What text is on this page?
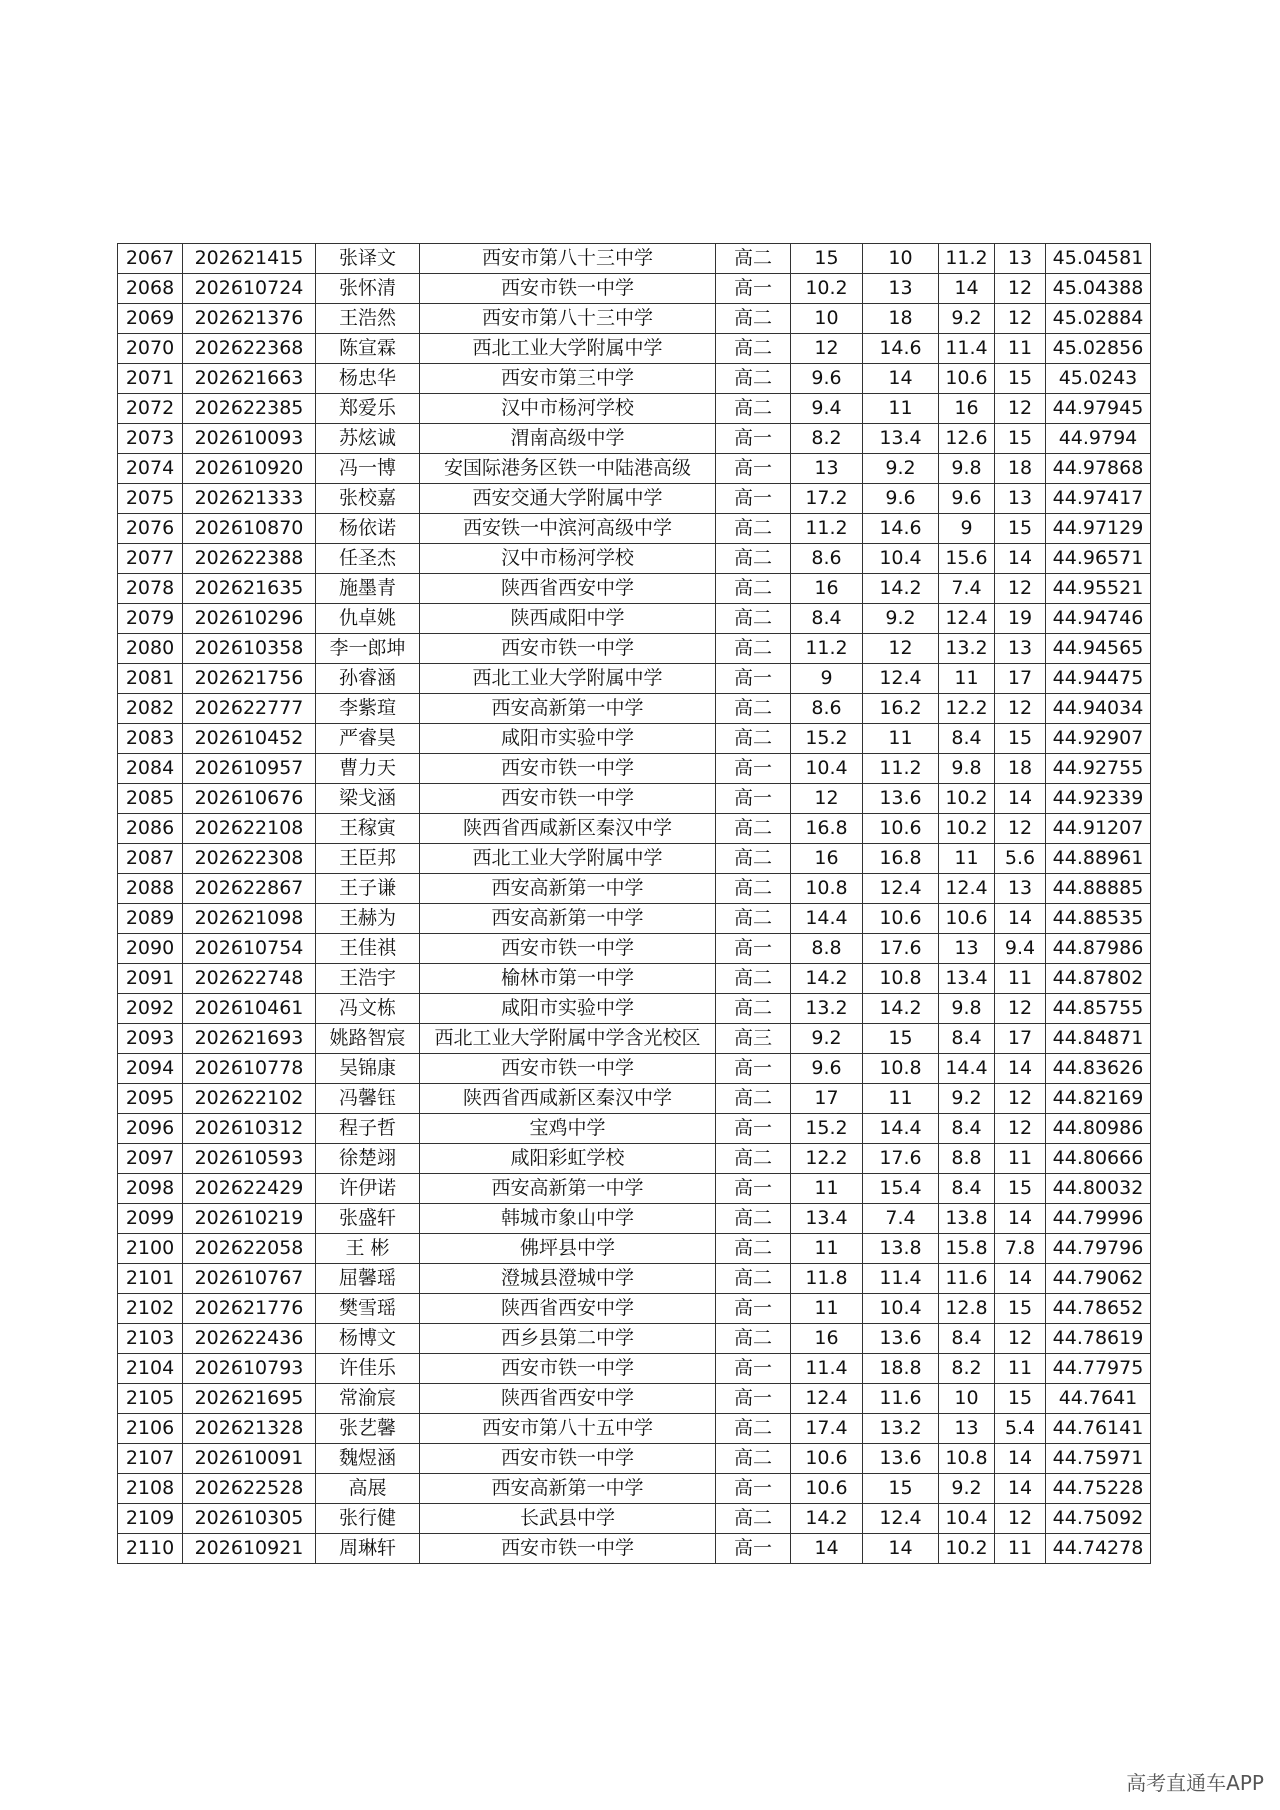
2067	202621415	张译文	西安市第八十三中学	高二	15	10	11.2	13	45.04581
2068	202610724	张怀清	西安市铁一中学	高一	10.2	13	14	12	45.04388
2069	202621376	王浩然	西安市第八十三中学	高二	10	18	9.2	12	45.02884
2070	202622368	陈宣霖	西北工业大学附属中学	高二	12	14.6	11.4	11	45.02856
2071	202621663	杨忠华	西安市第三中学	高二	9.6	14	10.6	15	45.0243
2072	202622385	郑爱乐	汉中市杨河学校	高二	9.4	11	16	12	44.97945
2073	202610093	苏炫诚	渭南高级中学	高一	8.2	13.4	12.6	15	44.9794
2074	202610920	冯一博	安国际港务区铁一中陆港高级	高一	13	9.2	9.8	18	44.97868
2075	202621333	张校嘉	西安交通大学附属中学	高一	17.2	9.6	9.6	13	44.97417
2076	202610870	杨依诺	西安铁一中滨河高级中学	高二	11.2	14.6	9	15	44.97129
2077	202622388	任圣杰	汉中市杨河学校	高二	8.6	10.4	15.6	14	44.96571
2078	202621635	施墨青	陕西省西安中学	高二	16	14.2	7.4	12	44.95521
2079	202610296	仇卓姚	陕西咸阳中学	高二	8.4	9.2	12.4	19	44.94746
2080	202610358	李一郎坤	西安市铁一中学	高二	11.2	12	13.2	13	44.94565
2081	202621756	孙睿涵	西北工业大学附属中学	高一	9	12.4	11	17	44.94475
2082	202622777	李紫瑄	西安高新第一中学	高二	8.6	16.2	12.2	12	44.94034
2083	202610452	严睿昊	咸阳市实验中学	高二	15.2	11	8.4	15	44.92907
2084	202610957	曹力天	西安市铁一中学	高一	10.4	11.2	9.8	18	44.92755
2085	202610676	梁戈涵	西安市铁一中学	高一	12	13.6	10.2	14	44.92339
2086	202622108	王稼寅	陕西省西咸新区秦汉中学	高二	16.8	10.6	10.2	12	44.91207
2087	202622308	王臣邦	西北工业大学附属中学	高二	16	16.8	11	5.6	44.88961
2088	202622867	王子谦	西安高新第一中学	高二	10.8	12.4	12.4	13	44.88885
2089	202621098	王赫为	西安高新第一中学	高二	14.4	10.6	10.6	14	44.88535
2090	202610754	王佳祺	西安市铁一中学	高一	8.8	17.6	13	9.4	44.87986
2091	202622748	王浩宇	榆林市第一中学	高二	14.2	10.8	13.4	11	44.87802
2092	202610461	冯文栋	咸阳市实验中学	高二	13.2	14.2	9.8	12	44.85755
2093	202621693	姚路智宸	西北工业大学附属中学含光校区	高三	9.2	15	8.4	17	44.84871
2094	202610778	吴锦康	西安市铁一中学	高一	9.6	10.8	14.4	14	44.83626
2095	202622102	冯馨钰	陕西省西咸新区秦汉中学	高二	17	11	9.2	12	44.82169
2096	202610312	程子哲	宝鸡中学	高一	15.2	14.4	8.4	12	44.80986
2097	202610593	徐楚翊	咸阳彩虹学校	高二	12.2	17.6	8.8	11	44.80666
2098	202622429	许伊诺	西安高新第一中学	高一	11	15.4	8.4	15	44.80032
2099	202610219	张盛轩	韩城市象山中学	高二	13.4	7.4	13.8	14	44.79996
2100	202622058	王 彬	佛坪县中学	高二	11	13.8	15.8	7.8	44.79796
2101	202610767	屈馨瑶	澄城县澄城中学	高二	11.8	11.4	11.6	14	44.79062
2102	202621776	樊雪瑶	陕西省西安中学	高一	11	10.4	12.8	15	44.78652
2103	202622436	杨博文	西乡县第二中学	高二	16	13.6	8.4	12	44.78619
2104	202610793	许佳乐	西安市铁一中学	高一	11.4	18.8	8.2	11	44.77975
2105	202621695	常渝宸	陕西省西安中学	高一	12.4	11.6	10	15	44.7641
2106	202621328	张艺馨	西安市第八十五中学	高二	17.4	13.2	13	5.4	44.76141
2107	202610091	魏煜涵	西安市铁一中学	高二	10.6	13.6	10.8	14	44.75971
2108	202622528	高展	西安高新第一中学	高一	10.6	15	9.2	14	44.75228
2109	202610305	张行健	长武县中学	高二	14.2	12.4	10.4	12	44.75092
2110	202610921	周琳轩	西安市铁一中学	高一	14	14	10.2	11	44.74278
高考直通车APP
